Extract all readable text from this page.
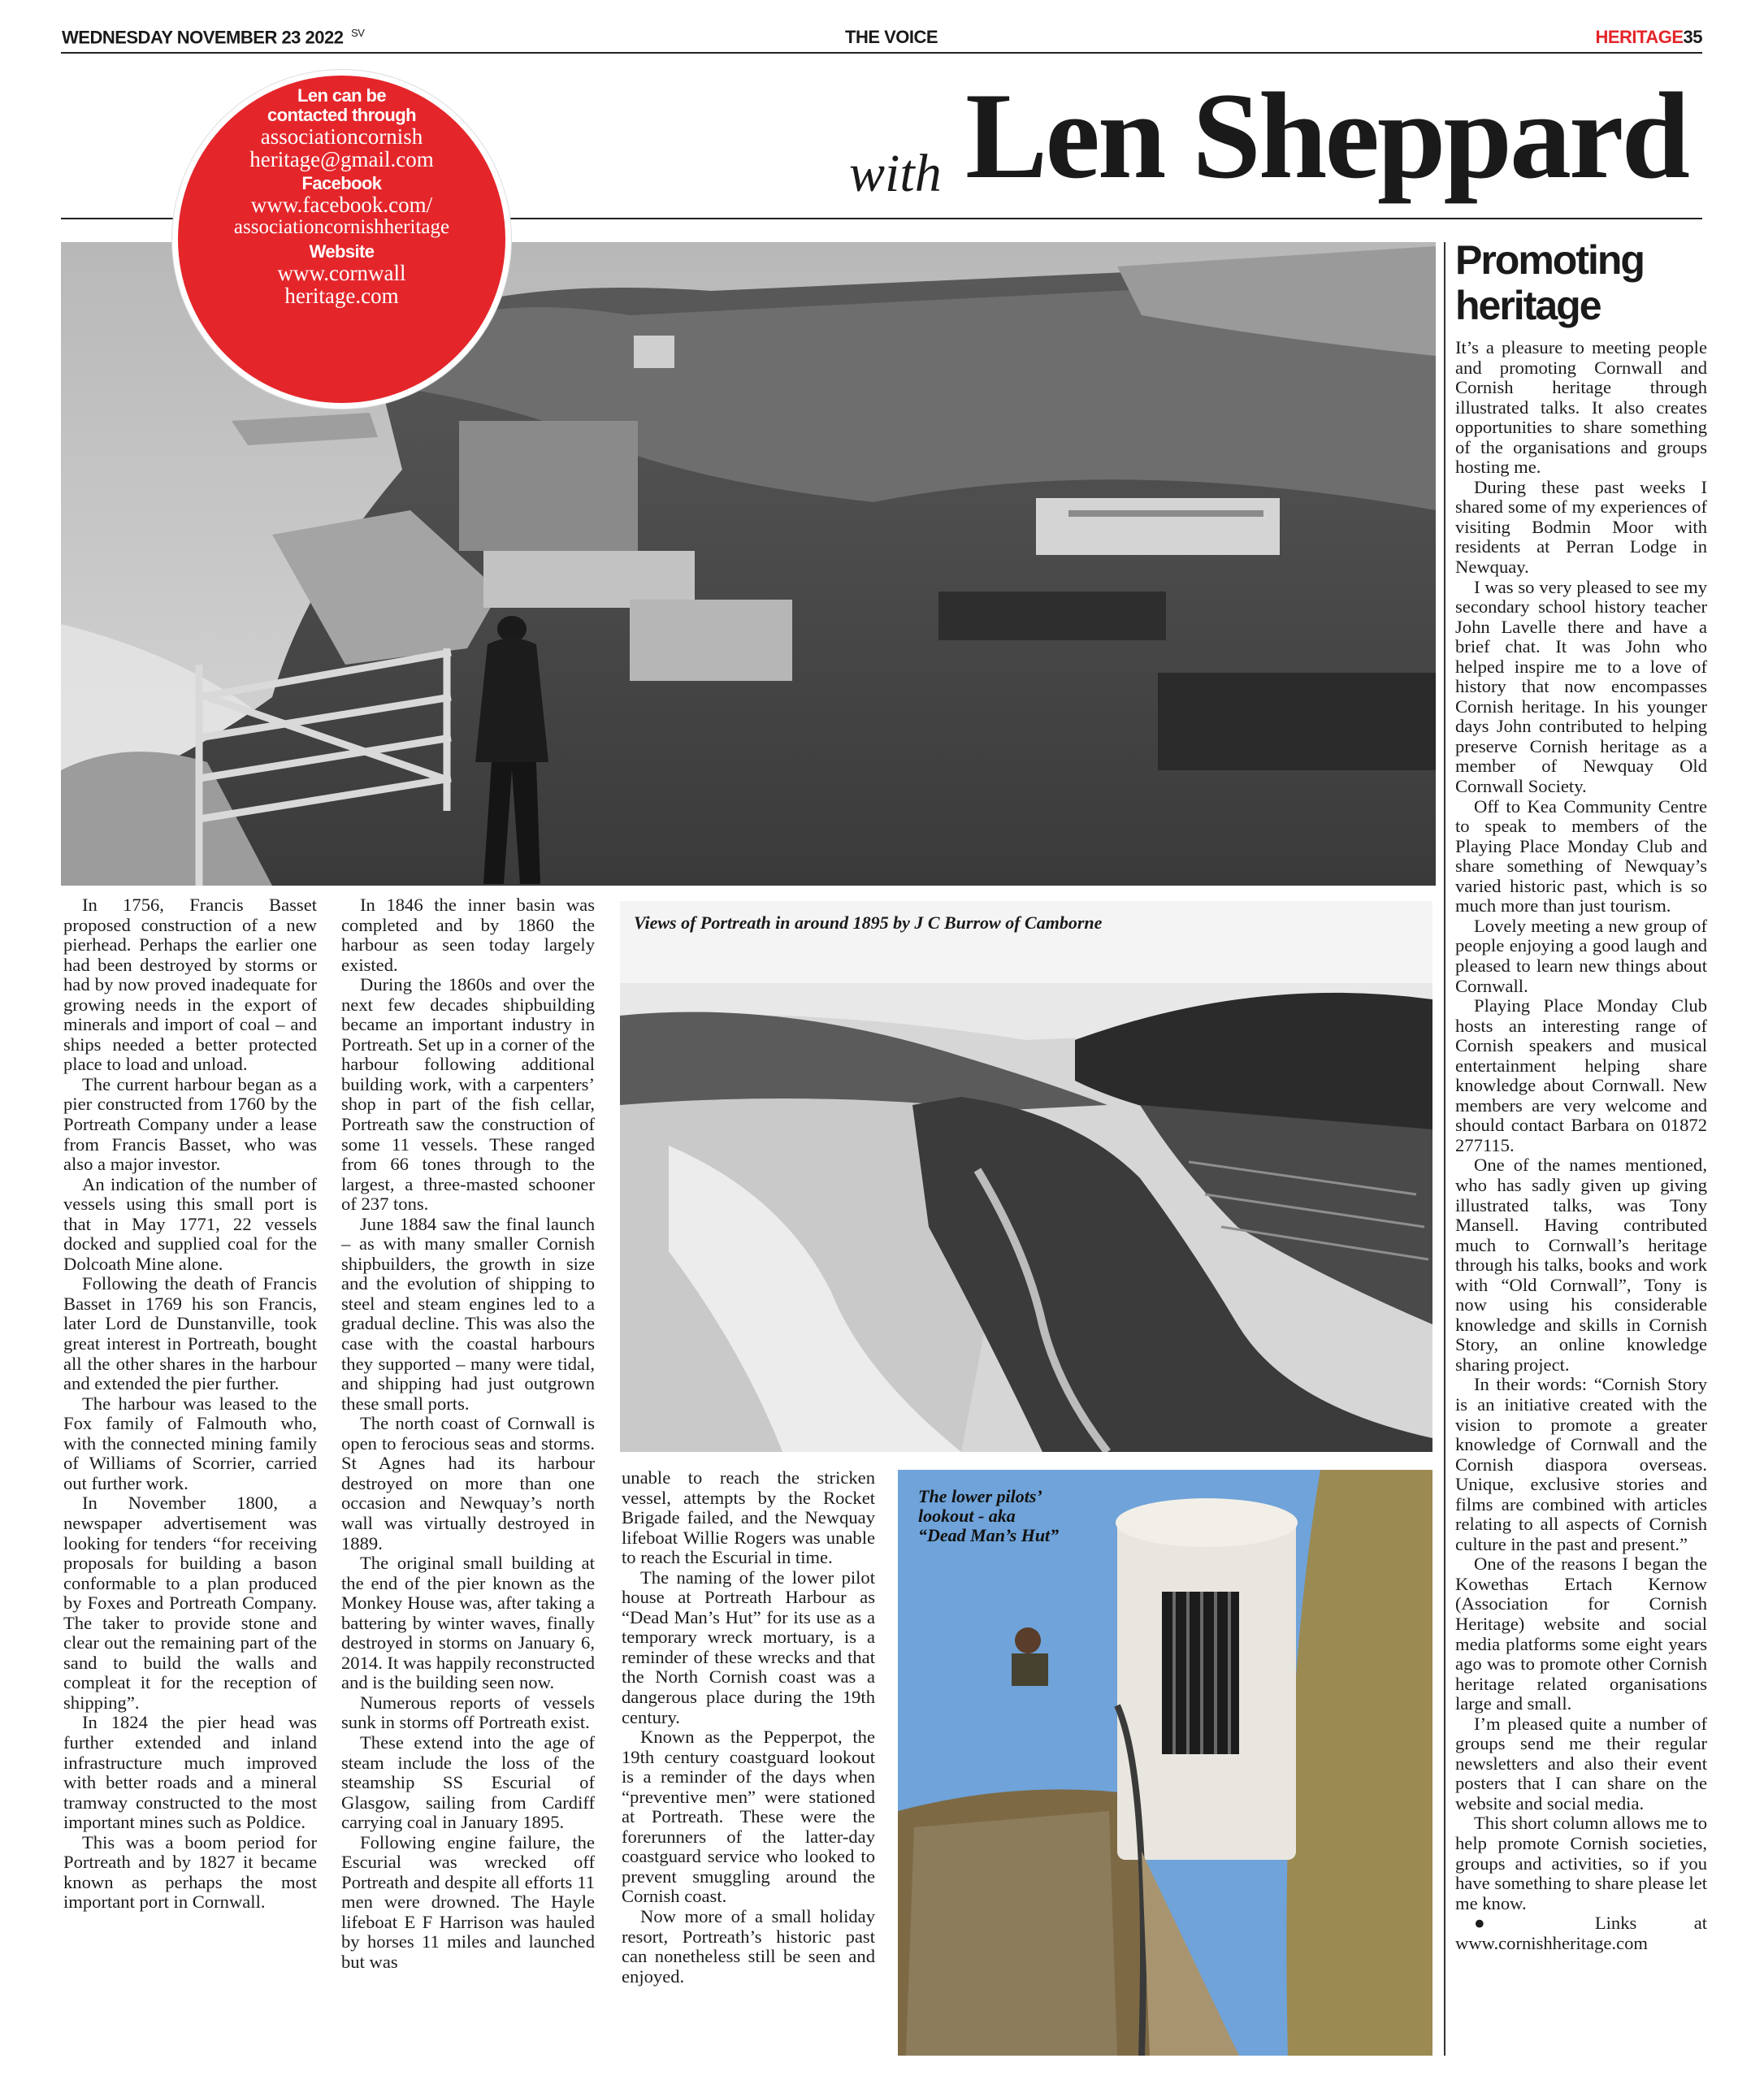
WEDNESDAY NOVEMBER 23 2022 $^{SV}$	THE VOICE	HERITAGE35
with Len Sheppard
Len can be
contacted through
associationcornish
heritage@gmail.com
Facebook
www.facebook.com/
associationcornishheritage
Website
www.cornwall
heritage.com
Promoting
heritage

It’s a pleasure to meeting people and promoting Cornwall and Cornish heritage through illustrated talks. It also creates opportunities to share something of the organisations and groups hosting me.

During these past weeks I shared some of my experiences of visiting Bodmin Moor with residents at Perran Lodge in Newquay.

I was so very pleased to see my secondary school history teacher John Lavelle there and have a brief chat. It was John who helped inspire me to a love of history that now encompasses Cornish heritage. In his younger days John contributed to helping preserve Cornish heritage as a member of Newquay Old Cornwall Society.

Off to Kea Community Centre to speak to members of the Playing Place Monday Club and share something of Newquay’s varied historic past, which is so much more than just tourism.

Lovely meeting a new group of people enjoying a good laugh and pleased to learn new things about Cornwall.

Playing Place Monday Club hosts an interesting range of Cornish speakers and musical entertainment helping share knowledge about Cornwall. New members are very welcome and should contact Barbara on 01872 277115.

One of the names mentioned, who has sadly given up giving illustrated talks, was Tony Mansell. Having contributed much to Cornwall’s heritage through his talks, books and work with “Old Cornwall”, Tony is now using his considerable knowledge and skills in Cornish Story, an online knowledge sharing project.

In their words: “Cornish Story is an initiative created with the vision to promote a greater knowledge of Cornwall and the Cornish diaspora overseas. Unique, exclusive stories and films are combined with articles relating to all aspects of Cornish culture in the past and present.”

One of the reasons I began the Kowethas Ertach Kernow (Association for Cornish Heritage) website and social media platforms some eight years ago was to promote other Cornish heritage related organisations large and small.

I’m pleased quite a number of groups send me their regular newsletters and also their event posters that I can share on the website and social media.

This short column allows me to help promote Cornish societies, groups and activities, so if you have something to share please let me know.

● Links at www.cornishheritage.com

In 1756, Francis Basset proposed construction of a new pierhead. Perhaps the earlier one had been destroyed by storms or had by now proved inadequate for growing needs in the export of minerals and import of coal – and ships needed a better protected place to load and unload.

The current harbour began as a pier constructed from 1760 by the Portreath Company under a lease from Francis Basset, who was also a major investor.

An indication of the number of vessels using this small port is that in May 1771, 22 vessels docked and supplied coal for the Dolcoath Mine alone.

Following the death of Francis Basset in 1769 his son Francis, later Lord de Dunstanville, took great interest in Portreath, bought all the other shares in the harbour and extended the pier further.

The harbour was leased to the Fox family of Falmouth who, with the connected mining family of Williams of Scorrier, carried out further work.

In November 1800, a newspaper advertisement was looking for tenders “for receiving proposals for building a bason conformable to a plan produced by Foxes and Portreath Company. The taker to provide stone and clear out the remaining part of the sand to build the walls and compleat it for the reception of shipping”.

In 1824 the pier head was further extended and inland infrastructure much improved with better roads and a mineral tramway constructed to the most important mines such as Poldice.

This was a boom period for Portreath and by 1827 it became known as perhaps the most important port in Cornwall.

In 1846 the inner basin was completed and by 1860 the harbour as seen today largely existed.

During the 1860s and over the next few decades shipbuilding became an important industry in Portreath. Set up in a corner of the harbour following additional building work, with a carpenters’ shop in part of the fish cellar, Portreath saw the construction of some 11 vessels. These ranged from 66 tones through to the largest, a three-masted schooner of 237 tons.

June 1884 saw the final launch – as with many smaller Cornish shipbuilders, the growth in size and the evolution of shipping to steel and steam engines led to a gradual decline. This was also the case with the coastal harbours they supported – many were tidal, and shipping had just outgrown these small ports.

The north coast of Cornwall is open to ferocious seas and storms. St Agnes had its harbour destroyed on more than one occasion and Newquay’s north wall was virtually destroyed in 1889.

The original small building at the end of the pier known as the Monkey House was, after taking a battering by winter waves, finally destroyed in storms on January 6, 2014. It was happily reconstructed and is the building seen now.

Numerous reports of vessels sunk in storms off Portreath exist.

These extend into the age of steam include the loss of the steamship SS Escurial of Glasgow, sailing from Cardiff carrying coal in January 1895.

Following engine failure, the Escurial was wrecked off Portreath and despite all efforts 11 men were drowned. The Hayle lifeboat E F Harrison was hauled by horses 11 miles and launched but was

Views of Portreath in around 1895 by J C Burrow of Camborne

unable to reach the stricken vessel, attempts by the Rocket Brigade failed, and the Newquay lifeboat Willie Rogers was unable to reach the Escurial in time.

The naming of the lower pilot house at Portreath Harbour as “Dead Man’s Hut” for its use as a temporary wreck mortuary, is a reminder of these wrecks and that the North Cornish coast was a dangerous place during the 19th century.

Known as the Pepperpot, the 19th century coastguard lookout is a reminder of the days when “preventive men” were stationed at Portreath. These were the forerunners of the latter-day coastguard service who looked to prevent smuggling around the Cornish coast.

Now more of a small holiday resort, Portreath’s historic past can nonetheless still be seen and enjoyed.

The lower pilots’
lookout - aka
“Dead Man’s Hut”
